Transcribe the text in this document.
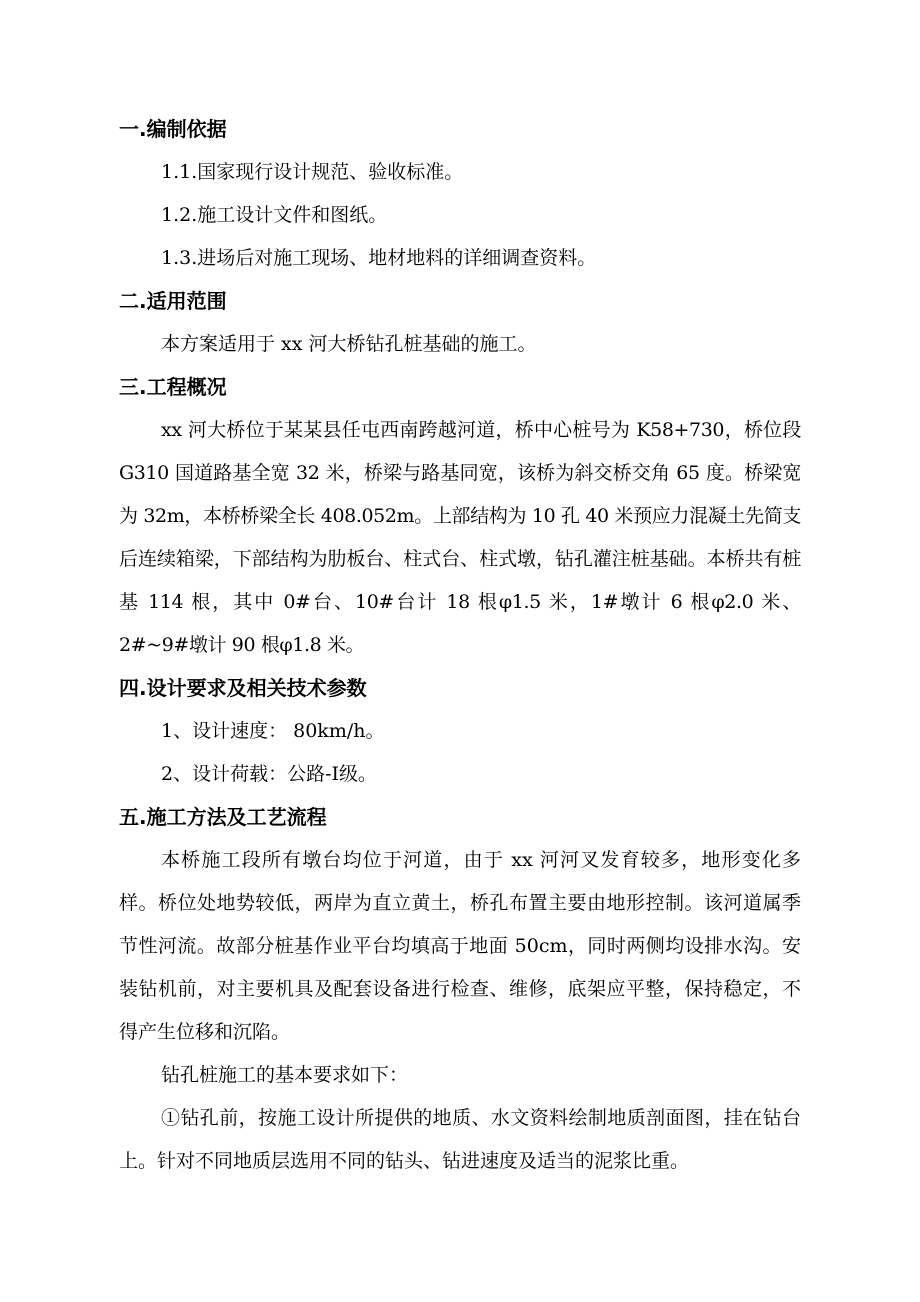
一.编制依据
1.1.国家现行设计规范、验收标准。
1.2.施工设计文件和图纸。
1.3.进场后对施工现场、地材地料的详细调查资料。
二.适用范围
本方案适用于 xx 河大桥钻孔桩基础的施工。
三.工程概况
xx 河大桥位于某某县任屯西南跨越河道，桥中心桩号为 K58+730，桥位段 G310 国道路基全宽 32 米，桥梁与路基同宽，该桥为斜交桥交角 65 度。桥梁宽为 32m，本桥桥梁全长 408.052m。上部结构为 10 孔 40 米预应力混凝土先简支后连续箱梁，下部结构为肋板台、柱式台、柱式墩，钻孔灌注桩基础。本桥共有桩基 114 根，其中 0#台、10#台计 18 根φ1.5 米，1#墩计 6 根φ2.0 米、2#~9#墩计 90 根φ1.8 米。
四.设计要求及相关技术参数
1、设计速度： 80km/h。
2、设计荷载：公路-Ⅰ级。
五.施工方法及工艺流程
本桥施工段所有墩台均位于河道，由于 xx 河河叉发育较多，地形变化多样。桥位处地势较低，两岸为直立黄土，桥孔布置主要由地形控制。该河道属季节性河流。故部分桩基作业平台均填高于地面 50cm，同时两侧均设排水沟。安装钻机前，对主要机具及配套设备进行检查、维修，底架应平整，保持稳定，不得产生位移和沉陷。
钻孔桩施工的基本要求如下：
①钻孔前，按施工设计所提供的地质、水文资料绘制地质剖面图，挂在钻台上。针对不同地质层选用不同的钻头、钻进速度及适当的泥浆比重。
